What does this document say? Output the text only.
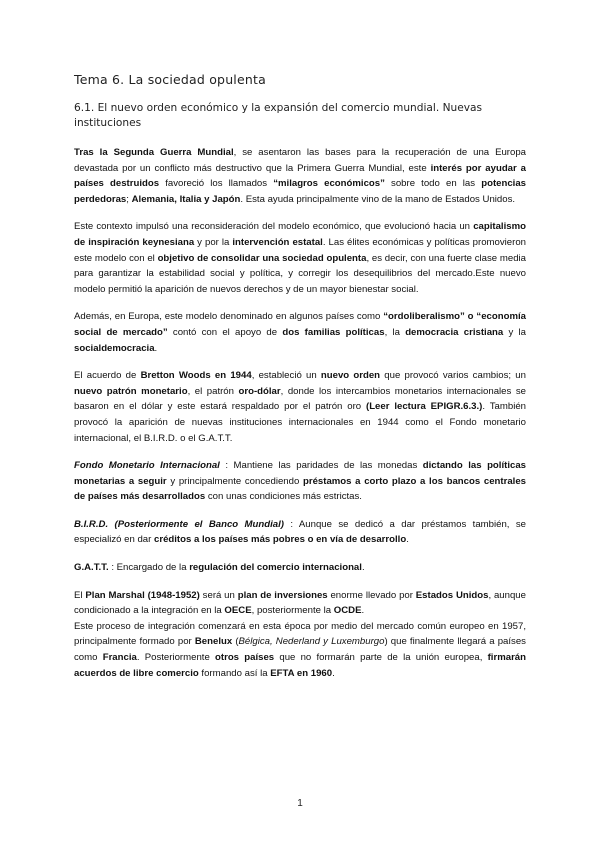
Tema 6. La sociedad opulenta
6.1. El nuevo orden económico y la expansión del comercio mundial. Nuevas instituciones

Tras la Segunda Guerra Mundial, se asentaron las bases para la recuperación de una Europa devastada por un conflicto más destructivo que la Primera Guerra Mundial, este interés por ayudar a países destruidos favoreció los llamados “milagros económicos” sobre todo en las potencias perdedoras; Alemania, Italia y Japón. Esta ayuda principalmente vino de la mano de Estados Unidos.

Este contexto impulsó una reconsideración del modelo económico, que evolucionó hacia un capitalismo de inspiración keynesiana y por la intervención estatal. Las élites económicas y políticas promovieron este modelo con el objetivo de consolidar una sociedad opulenta, es decir, con una fuerte clase media para garantizar la estabilidad social y política, y corregir los desequilibrios del mercado.Este nuevo modelo permitió la aparición de nuevos derechos y de un mayor bienestar social.

Además, en Europa, este modelo denominado en algunos países como “ordoliberalismo” o “economía social de mercado” contó con el apoyo de dos familias políticas, la democracia cristiana y la socialdemocracia.

El acuerdo de Bretton Woods en 1944, estableció un nuevo orden que provocó varios cambios; un nuevo patrón monetario, el patrón oro-dólar, donde los intercambios monetarios internacionales se basaron en el dólar y este estará respaldado por el patrón oro (Leer lectura EPIGR.6.3.). También provocó la aparición de nuevas instituciones internacionales en 1944 como el Fondo monetario internacional, el B.I.R.D. o el G.A.T.T.

Fondo Monetario Internacional : Mantiene las paridades de las monedas dictando las políticas monetarias a seguir y principalmente concediendo préstamos a corto plazo a los bancos centrales de países más desarrollados con unas condiciones más estrictas.

B.I.R.D. (Posteriormente el Banco Mundial) : Aunque se dedicó a dar préstamos también, se especializó en dar créditos a los países más pobres o en vía de desarrollo.

G.A.T.T. : Encargado de la regulación del comercio internacional.

El Plan Marshal (1948-1952) será un plan de inversiones enorme llevado por Estados Unidos, aunque condicionado a la integración en la OECE, posteriormente la OCDE.

Este proceso de integración comenzará en esta época por medio del mercado común europeo en 1957, principalmente formado por Benelux (Bélgica, Nederland y Luxemburgo) que finalmente llegará a países como Francia. Posteriormente otros países que no formarán parte de la unión europea, firmarán acuerdos de libre comercio formando así la EFTA en 1960.

1
